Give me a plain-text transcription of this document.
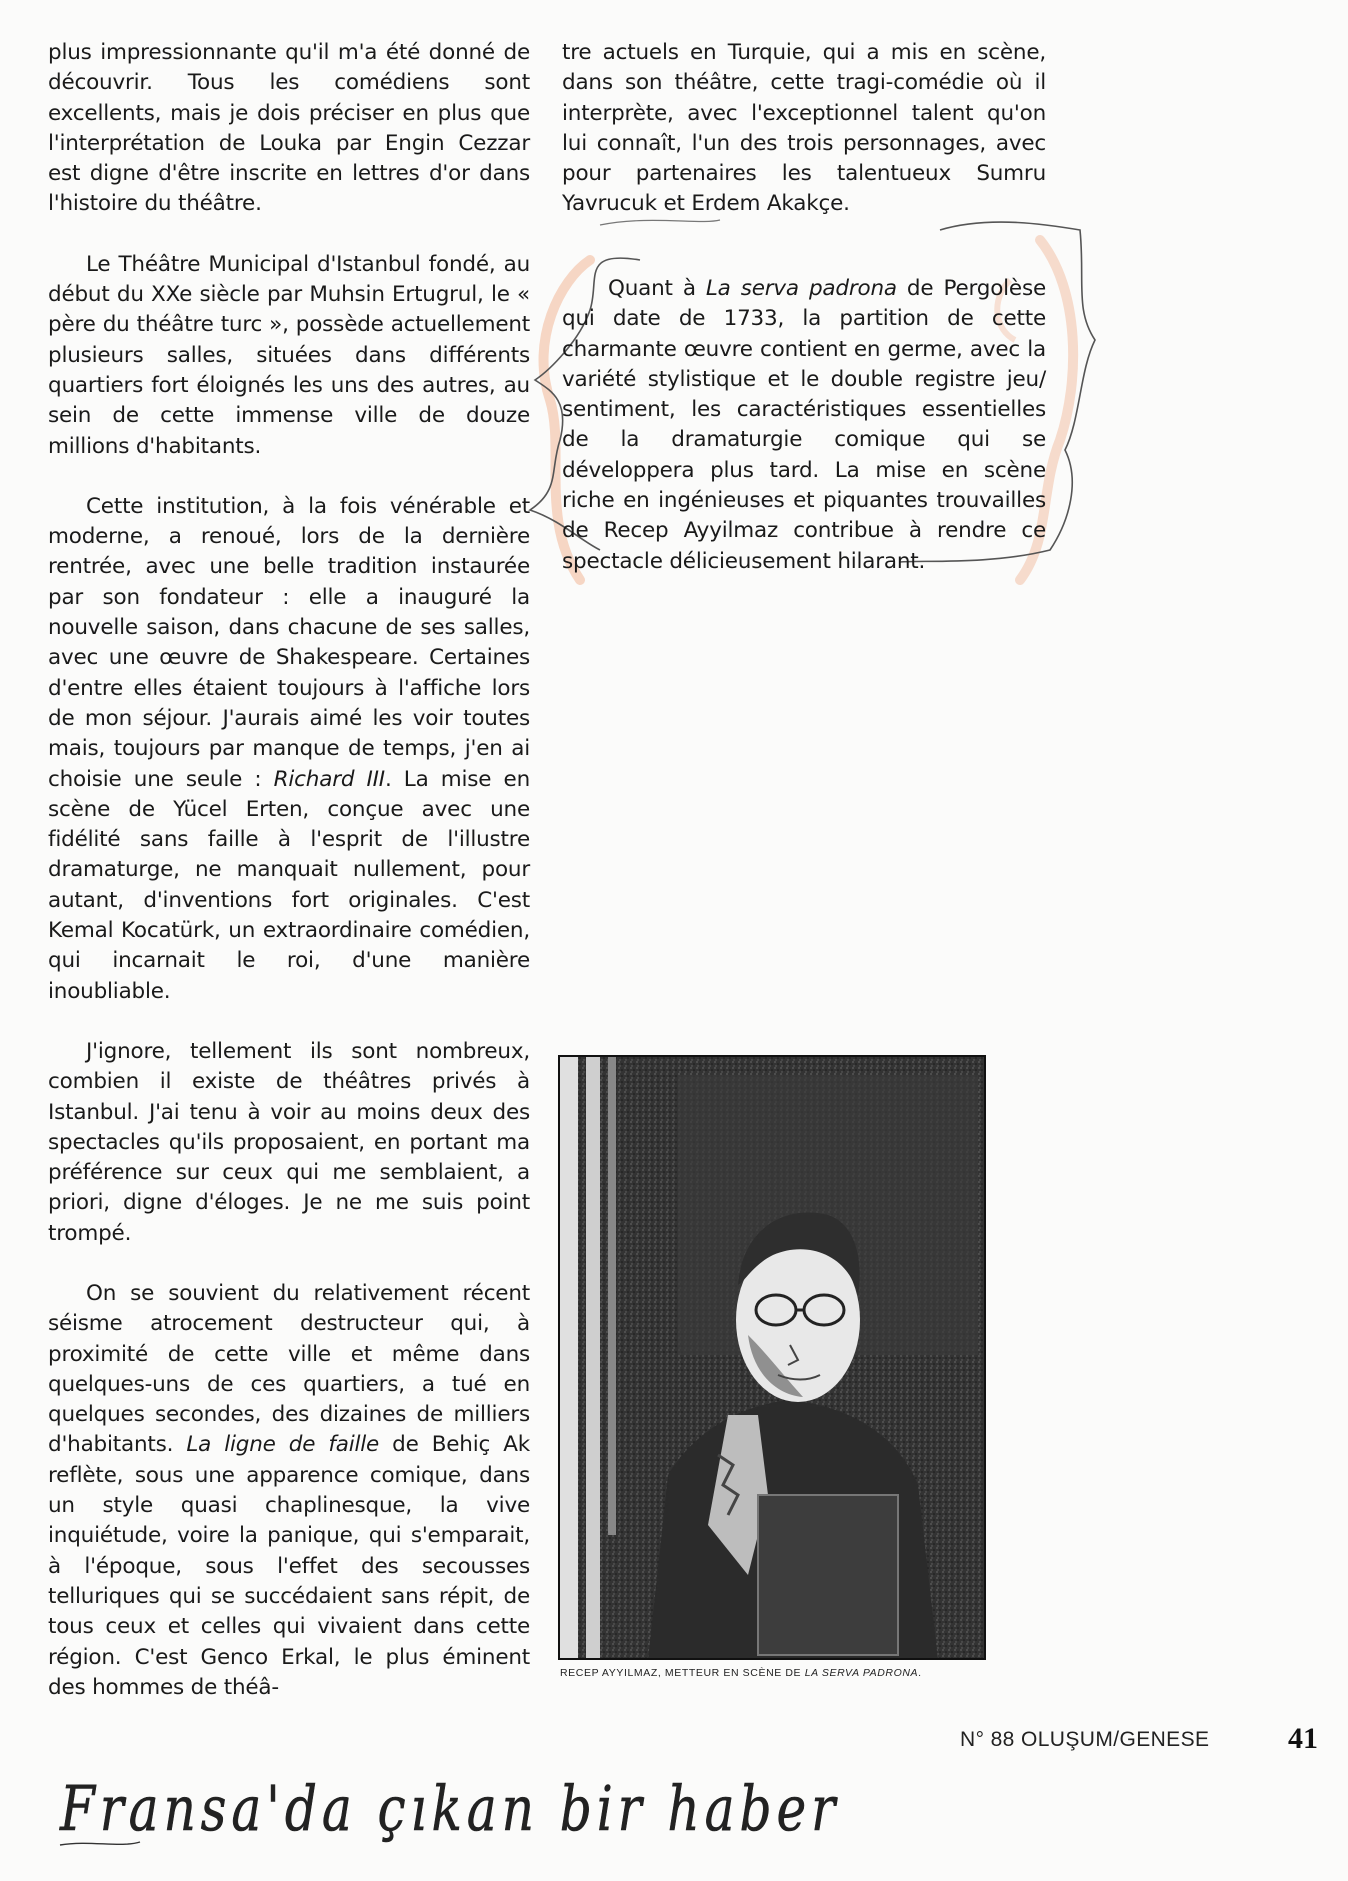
plus impressionnante qu'il m'a été donné de découvrir. Tous les comédiens sont excellents, mais je dois préciser en plus que l'interprétation de Louka par Engin Cezzar est digne d'être inscrite en lettres d'or dans l'histoire du théâtre.

Le Théâtre Municipal d'Istanbul fondé, au début du XXe siècle par Muhsin Ertugrul, le « père du théâtre turc », possède actuellement plusieurs salles, situées dans différents quartiers fort éloignés les uns des autres, au sein de cette immense ville de douze millions d'habitants.

Cette institution, à la fois vénérable et moderne, a renoué, lors de la dernière rentrée, avec une belle tradition instaurée par son fondateur : elle a inauguré la nouvelle saison, dans chacune de ses salles, avec une œuvre de Shakespeare. Certaines d'entre elles étaient toujours à l'affiche lors de mon séjour. J'aurais aimé les voir toutes mais, toujours par manque de temps, j'en ai choisie une seule : Richard III. La mise en scène de Yücel Erten, conçue avec une fidélité sans faille à l'esprit de l'illustre dramaturge, ne manquait nullement, pour autant, d'inventions fort originales. C'est Kemal Kocatürk, un extraordinaire comédien, qui incarnait le roi, d'une manière inoubliable.

J'ignore, tellement ils sont nombreux, combien il existe de théâtres privés à Istanbul. J'ai tenu à voir au moins deux des spectacles qu'ils proposaient, en portant ma préférence sur ceux qui me semblaient, a priori, digne d'éloges. Je ne me suis point trompé.

On se souvient du relativement récent séisme atrocement destructeur qui, à proximité de cette ville et même dans quelques-uns de ces quartiers, a tué en quelques secondes, des dizaines de milliers d'habitants. La ligne de faille de Behiç Ak reflète, sous une apparence comique, dans un style quasi chaplinesque, la vive inquiétude, voire la panique, qui s'emparait, à l'époque, sous l'effet des secousses telluriques qui se succédaient sans répit, de tous ceux et celles qui vivaient dans cette région. C'est Genco Erkal, le plus éminent des hommes de théâ-

tre actuels en Turquie, qui a mis en scène, dans son théâtre, cette tragi-comédie où il interprète, avec l'exceptionnel talent qu'on lui connaît, l'un des trois personnages, avec pour partenaires les talentueux Sumru Yavrucuk et Erdem Akakçe.

Quant à La serva padrona de Pergolèse qui date de 1733, la partition de cette charmante œuvre contient en germe, avec la variété stylistique et le double registre jeu/ sentiment, les caractéristiques essentielles de la dramaturgie comique qui se développera plus tard. La mise en scène riche en ingénieuses et piquantes trouvailles de Recep Ayyilmaz contribue à rendre ce spectacle délicieusement hilarant.

RECEP AYYILMAZ, METTEUR EN SCÈNE DE LA SERVA PADRONA.
N° 88 OLUŞUM/GENESE	41
Fransa'da çıkan bir haber
